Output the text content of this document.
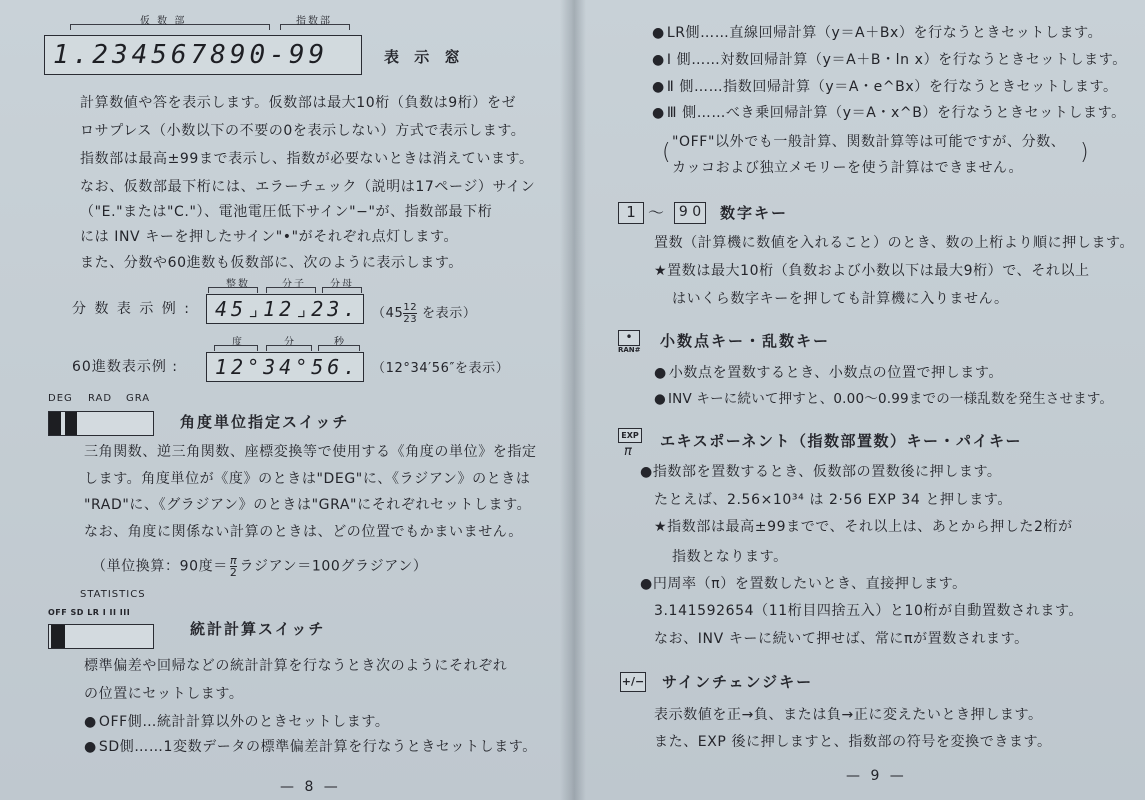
仮 数 部	指数部
1.234567890-99	表 示 窓
計算数値や答を表示します。仮数部は最大10桁（負数は9桁）をゼ
ロサプレス（小数以下の不要の0を表示しない）方式で表示します。
指数部は最高±99まで表示し、指数が必要ないときは消えています。
なお、仮数部最下桁には、エラーチェック（説明は17ページ）サイン
（"E."または"C."）、電池電圧低下サイン"−"が、指数部最下桁
には INV キーを押したサイン"•"がそれぞれ点灯します。
また、分数や60進数も仮数部に、次のように表示します。
分 数 表 示 例 :
整数	分子 分母
45⌟12⌟23. （$45 \frac{12}{23}$ を表示）
60進数表示例 :
度	分	秒
12°34°56. （12°34′56″を表示）
DEG RAD GRA
角度単位指定スイッチ
三角関数、逆三角関数、座標変換等で使用する《角度の単位》を指定
します。角度単位が《度》のときは"DEG"に、《ラジアン》のときは
"RAD"に、《グラジアン》のときは"GRA"にそれぞれセットします。
なお、角度に関係ない計算のときは、どの位置でもかまいません。
（単位換算：90度＝ $\frac{\pi}{2}$ ラジアン＝100グラジアン）
STATISTICS
OFF SD LR I II III
統計計算スイッチ
標準偏差や回帰などの統計計算を行なうとき次のようにそれぞれ
の位置にセットします。
● OFF側…統計計算以外のときセットします。
● SD側……1変数データの標準偏差計算を行なうときセットします。
— 8 —
● LR側……直線回帰計算（y＝A＋Bx）を行なうときセットします。
● Ⅰ 側……対数回帰計算（y＝A＋B・ln x）を行なうときセットします。
● Ⅱ 側……指数回帰計算（y＝A・e^Bx）を行なうときセットします。
● Ⅲ 側……べき乗回帰計算（y＝A・x^B）を行なうときセットします。
( "OFF"以外でも一般計算、関数計算等は可能ですが、分数、
カッコおよび独立メモリーを使う計算はできません。
)
1 〜	9 0	数字キー
置数（計算機に数値を入れること）のとき、数の上桁より順に押します。
★置数は最大10桁（負数および小数以下は最大9桁）で、それ以上
はいくら数字キーを押しても計算機に入りません。
•
RAN# 小数点キー・乱数キー
● 小数点を置数するとき、小数点の位置で押します。
● INV キーに続いて押すと、0.00〜0.99までの一様乱数を発生させます。
EXP
π
エキスポーネント（指数部置数）キー・パイキー
●指数部を置数するとき、仮数部の置数後に押します。
たとえば、2.56×10³⁴ は 2·56 EXP 34 と押します。
★指数部は最高±99までで、それ以上は、あとから押した2桁が
指数となります。
●円周率（π）を置数したいとき、直接押します。
3.141592654（11桁目四捨五入）と10桁が自動置数されます。
なお、INV キーに続いて押せば、常にπが置数されます。
+/− サインチェンジキー
表示数値を正→負、または負→正に変えたいとき押します。
また、EXP 後に押しますと、指数部の符号を変換できます。
— 9 —
